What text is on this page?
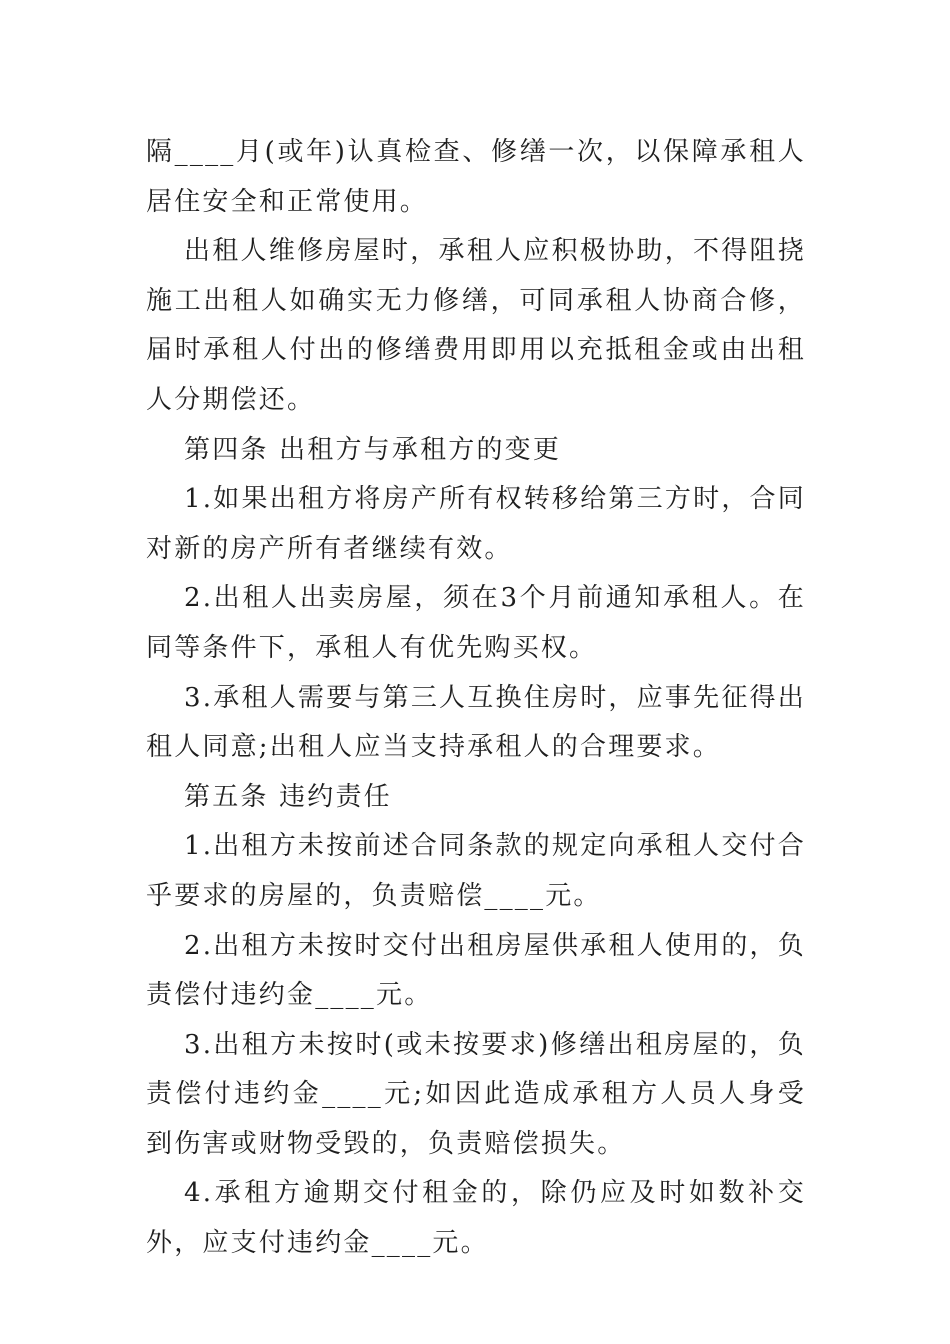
隔____月(或年)认真检查、修缮一次，以保障承租人居住安全和正常使用。

出租人维修房屋时，承租人应积极协助，不得阻挠施工出租人如确实无力修缮，可同承租人协商合修，届时承租人付出的修缮费用即用以充抵租金或由出租人分期偿还。

第四条 出租方与承租方的变更

1.如果出租方将房产所有权转移给第三方时，合同对新的房产所有者继续有效。

2.出租人出卖房屋，须在3个月前通知承租人。在同等条件下，承租人有优先购买权。

3.承租人需要与第三人互换住房时，应事先征得出租人同意;出租人应当支持承租人的合理要求。

第五条 违约责任

1.出租方未按前述合同条款的规定向承租人交付合乎要求的房屋的，负责赔偿____元。

2.出租方未按时交付出租房屋供承租人使用的，负责偿付违约金____元。

3.出租方未按时(或未按要求)修缮出租房屋的，负责偿付违约金____元;如因此造成承租方人员人身受到伤害或财物受毁的，负责赔偿损失。

4.承租方逾期交付租金的，除仍应及时如数补交外，应支付违约金____元。
